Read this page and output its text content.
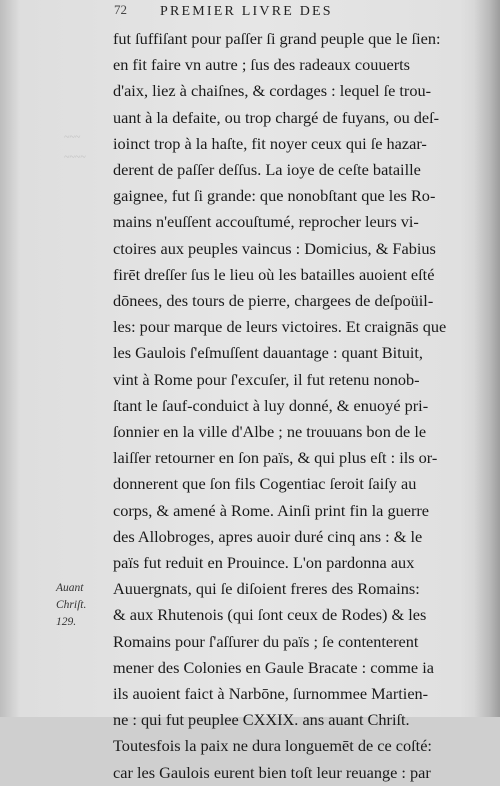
72 PREMIER LIVRE DES
~~~
~~~~
fut ſuffiſant pour paſſer ſi grand peuple que le ſien:
en fit faire vn autre ; ſus des radeaux couuerts
d'aix, liez à chaiſnes, & cordages : lequel ſe trou-
uant à la defaite, ou trop chargé de fuyans, ou deſ-
ioinct trop à la haſte, fit noyer ceux qui ſe hazar-
derent de paſſer deſſus. La ioye de ceſte bataille
gaignee, fut ſi grande: que nonobſtant que les Ro-
mains n'euſſent accouſtumé, reprocher leurs vi-
ctoires aux peuples vaincus : Domicius, & Fabius
firēt dreſſer ſus le lieu où les batailles auoient eſté
dōnees, des tours de pierre, chargees de deſpoüil-
les: pour marque de leurs victoires. Et craignās que
les Gaulois ſ'eſmuſſent dauantage : quant Bituit,
vint à Rome pour ſ'excuſer, il fut retenu nonob-
ſtant le ſauf-conduict à luy donné, & enuoyé pri-
ſonnier en la ville d'Albe ; ne trouuans bon de le
laiſſer retourner en ſon païs, & qui plus eſt : ils or-
donnerent que ſon fils Cogentiac ſeroit ſaiſy au
corps, & amené à Rome. Ainſi print fin la guerre
des Allobroges, apres auoir duré cinq ans : & le
païs fut reduit en Prouince. L'on pardonna aux
Auuergnats, qui ſe diſoient freres des Romains:
& aux Rhutenois (qui ſont ceux de Rodes) & les
Romains pour ſ'aſſurer du païs ; ſe contenterent
mener des Colonies en Gaule Bracate : comme ia
ils auoient faict à Narbōne, ſurnommee Martien-
ne : qui fut peuplee CXXIX. ans auant Chriſt.
Toutesfois la paix ne dura longuemēt de ce coſté:
car les Gaulois eurent bien toſt leur reuange : par
Auant
Chriſt.
129.
